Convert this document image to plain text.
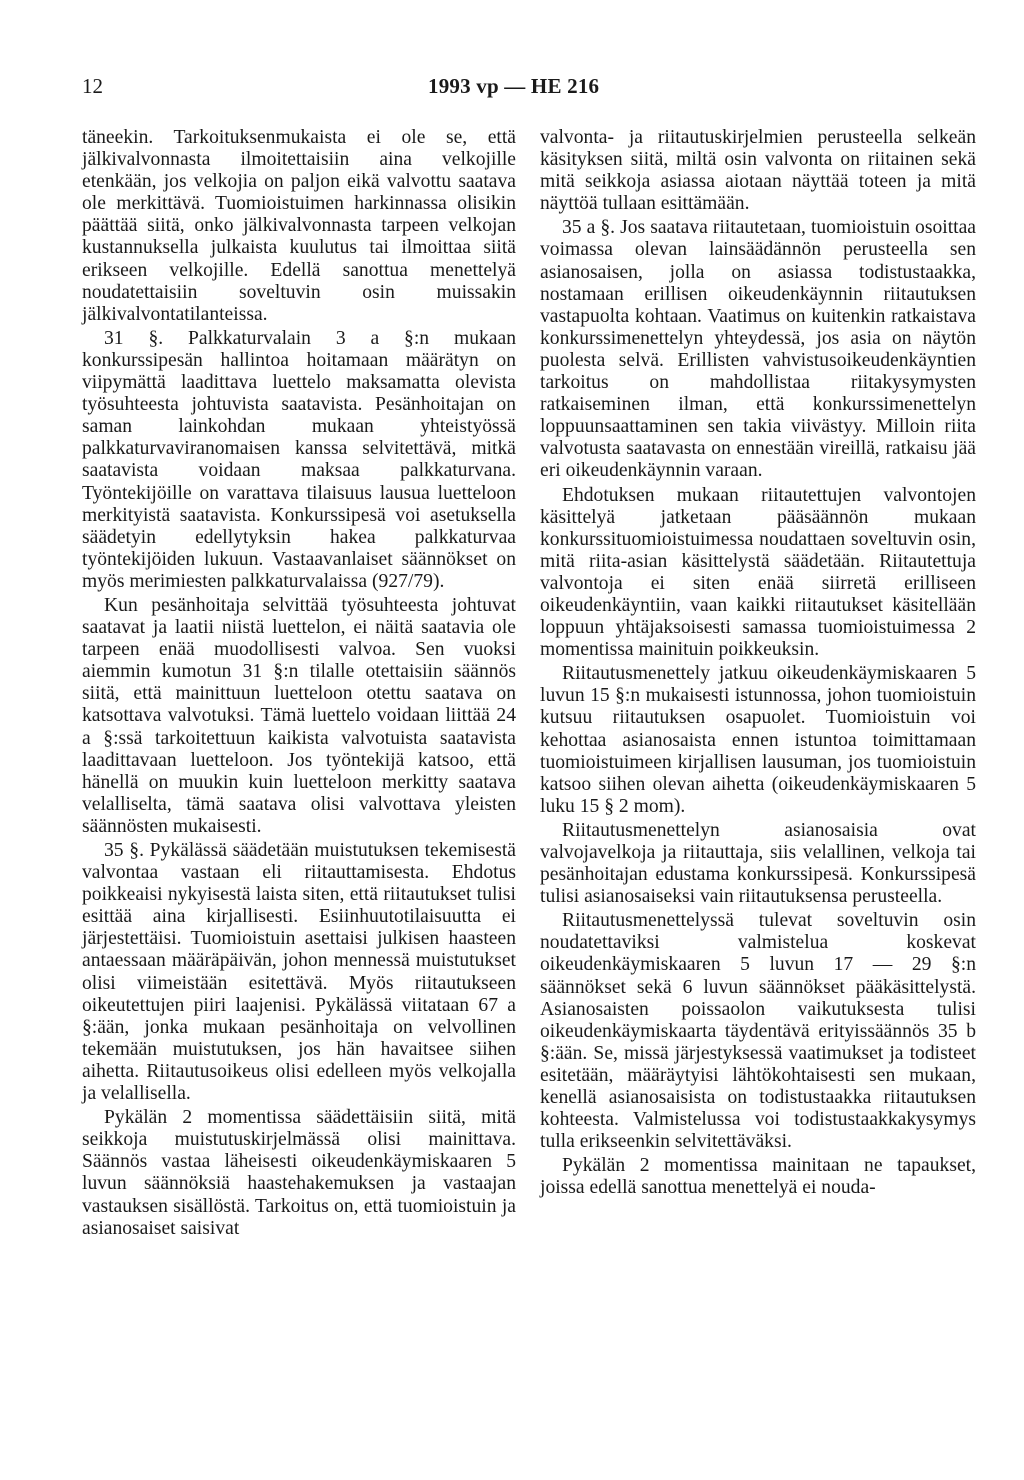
12	1993 vp — HE 216

täneekin. Tarkoituksenmukaista ei ole se, että jälkivalvonnasta ilmoitettaisiin aina velkojille etenkään, jos velkojia on paljon eikä valvottu saatava ole merkittävä. Tuomioistuimen harkinnassa olisikin päättää siitä, onko jälkivalvonnasta tarpeen velkojan kustannuksella julkaista kuulutus tai ilmoittaa siitä erikseen velkojille. Edellä sanottua menettelyä noudatettaisiin soveltuvin osin muissakin jälkivalvontatilanteissa.

31 §. Palkkaturvalain 3 a §:n mukaan konkurssipesän hallintoa hoitamaan määrätyn on viipymättä laadittava luettelo maksamatta olevista työsuhteesta johtuvista saatavista. Pesänhoitajan on saman lainkohdan mukaan yhteistyössä palkkaturvaviranomaisen kanssa selvitettävä, mitkä saatavista voidaan maksaa palkkaturvana. Työntekijöille on varattava tilaisuus lausua luetteloon merkityistä saatavista. Konkurssipesä voi asetuksella säädetyin edellytyksin hakea palkkaturvaa työntekijöiden lukuun. Vastaavanlaiset säännökset on myös merimiesten palkkaturvalaissa (927/79).

Kun pesänhoitaja selvittää työsuhteesta johtuvat saatavat ja laatii niistä luettelon, ei näitä saatavia ole tarpeen enää muodollisesti valvoa. Sen vuoksi aiemmin kumotun 31 §:n tilalle otettaisiin säännös siitä, että mainittuun luetteloon otettu saatava on katsottava valvotuksi. Tämä luettelo voidaan liittää 24 a §:ssä tarkoitettuun kaikista valvotuista saatavista laadittavaan luetteloon. Jos työntekijä katsoo, että hänellä on muukin kuin luetteloon merkitty saatava velalliselta, tämä saatava olisi valvottava yleisten säännösten mukaisesti.

35 §. Pykälässä säädetään muistutuksen tekemisestä valvontaa vastaan eli riitauttamisesta. Ehdotus poikkeaisi nykyisestä laista siten, että riitautukset tulisi esittää aina kirjallisesti. Esiinhuutotilaisuutta ei järjestettäisi. Tuomioistuin asettaisi julkisen haasteen antaessaan määräpäivän, johon mennessä muistutukset olisi viimeistään esitettävä. Myös riitautukseen oikeutettujen piiri laajenisi. Pykälässä viitataan 67 a §:ään, jonka mukaan pesänhoitaja on velvollinen tekemään muistutuksen, jos hän havaitsee siihen aihetta. Riitautusoikeus olisi edelleen myös velkojalla ja velallisella.

Pykälän 2 momentissa säädettäisiin siitä, mitä seikkoja muistutuskirjelmässä olisi mainittava. Säännös vastaa läheisesti oikeudenkäymiskaaren 5 luvun säännöksiä haastehakemuksen ja vastaajan vastauksen sisällöstä. Tarkoitus on, että tuomioistuin ja asianosaiset saisivat

valvonta- ja riitautuskirjelmien perusteella selkeän käsityksen siitä, miltä osin valvonta on riitainen sekä mitä seikkoja asiassa aiotaan näyttää toteen ja mitä näyttöä tullaan esittämään.

35 a §. Jos saatava riitautetaan, tuomioistuin osoittaa voimassa olevan lainsäädännön perusteella sen asianosaisen, jolla on asiassa todistustaakka, nostamaan erillisen oikeudenkäynnin riitautuksen vastapuolta kohtaan. Vaatimus on kuitenkin ratkaistava konkurssimenettelyn yhteydessä, jos asia on näytön puolesta selvä. Erillisten vahvistusoikeudenkäyntien tarkoitus on mahdollistaa riitakysymysten ratkaiseminen ilman, että konkurssimenettelyn loppuunsaattaminen sen takia viivästyy. Milloin riita valvotusta saatavasta on ennestään vireillä, ratkaisu jää eri oikeudenkäynnin varaan.

Ehdotuksen mukaan riitautettujen valvontojen käsittelyä jatketaan pääsäännön mukaan konkurssituomioistuimessa noudattaen soveltuvin osin, mitä riita-asian käsittelystä säädetään. Riitautettuja valvontoja ei siten enää siirretä erilliseen oikeudenkäyntiin, vaan kaikki riitautukset käsitellään loppuun yhtäjaksoisesti samassa tuomioistuimessa 2 momentissa mainituin poikkeuksin.

Riitautusmenettely jatkuu oikeudenkäymiskaaren 5 luvun 15 §:n mukaisesti istunnossa, johon tuomioistuin kutsuu riitautuksen osapuolet. Tuomioistuin voi kehottaa asianosaista ennen istuntoa toimittamaan tuomioistuimeen kirjallisen lausuman, jos tuomioistuin katsoo siihen olevan aihetta (oikeudenkäymiskaaren 5 luku 15 § 2 mom).

Riitautusmenettelyn asianosaisia ovat valvojavelkoja ja riitauttaja, siis velallinen, velkoja tai pesänhoitajan edustama konkurssipesä. Konkurssipesä tulisi asianosaiseksi vain riitautuksensa perusteella.

Riitautusmenettelyssä tulevat soveltuvin osin noudatettaviksi valmistelua koskevat oikeudenkäymiskaaren 5 luvun 17 — 29 §:n säännökset sekä 6 luvun säännökset pääkäsittelystä. Asianosaisten poissaolon vaikutuksesta tulisi oikeudenkäymiskaarta täydentävä erityissäännös 35 b §:ään. Se, missä järjestyksessä vaatimukset ja todisteet esitetään, määräytyisi lähtökohtaisesti sen mukaan, kenellä asianosaisista on todistustaakka riitautuksen kohteesta. Valmistelussa voi todistustaakkakysymys tulla erikseenkin selvitettäväksi.

Pykälän 2 momentissa mainitaan ne tapaukset, joissa edellä sanottua menettelyä ei nouda-
